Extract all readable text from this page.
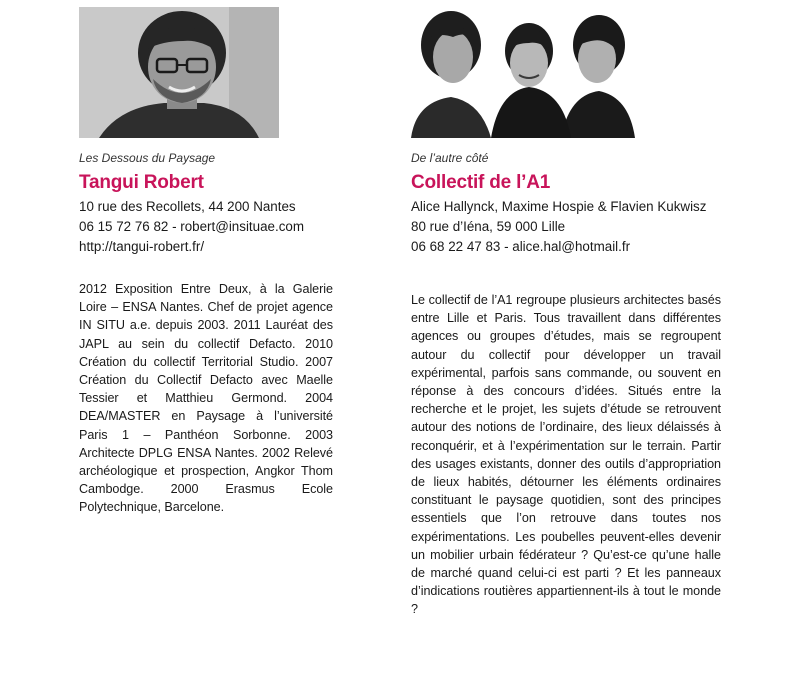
Les Dessous du Paysage
Tangui Robert
10 rue des Recollets, 44 200 Nantes
06 15 72 76 82 - robert@insituae.com
http://tangui-robert.fr/
2012 Exposition Entre Deux, à la Galerie Loire – ENSA Nantes. Chef de projet agence IN SITU a.e. depuis 2003. 2011 Lauréat des JAPL au sein du collectif Defacto. 2010 Création du collectif Territorial Studio. 2007 Création du Collectif Defacto avec Maelle Tessier et Matthieu Germond. 2004 DEA/MASTER en Paysage à l’université Paris 1 – Panthéon Sorbonne. 2003 Architecte DPLG ENSA Nantes. 2002 Relevé archéologique et prospection, Angkor Thom Cambodge. 2000 Erasmus Ecole Polytechnique, Barcelone.
De l’autre côté
Collectif de l’A1
Alice Hallynck, Maxime Hospie & Flavien Kukwisz
80 rue d’Iéna, 59 000 Lille
06 68 22 47 83 - alice.hal@hotmail.fr
Le collectif de l’A1 regroupe plusieurs architectes basés entre Lille et Paris. Tous travaillent dans différentes agences ou groupes d’études, mais se regroupent autour du collectif pour développer un travail expérimental, parfois sans commande, ou souvent en réponse à des concours d’idées. Situés entre la recherche et le projet, les sujets d’étude se retrouvent autour des notions de l’ordinaire, des lieux délaissés à reconquérir, et à l’expérimentation sur le terrain. Partir des usages existants, donner des outils d’appropriation de lieux habités, détourner les éléments ordinaires constituant le paysage quotidien, sont des principes essentiels que l’on retrouve dans toutes nos expérimentations. Les poubelles peuvent-elles devenir un mobilier urbain fédérateur ? Qu’est-ce qu’une halle de marché quand celui-ci est parti ? Et les panneaux d’indications routières appartiennent-ils à tout le monde ?
